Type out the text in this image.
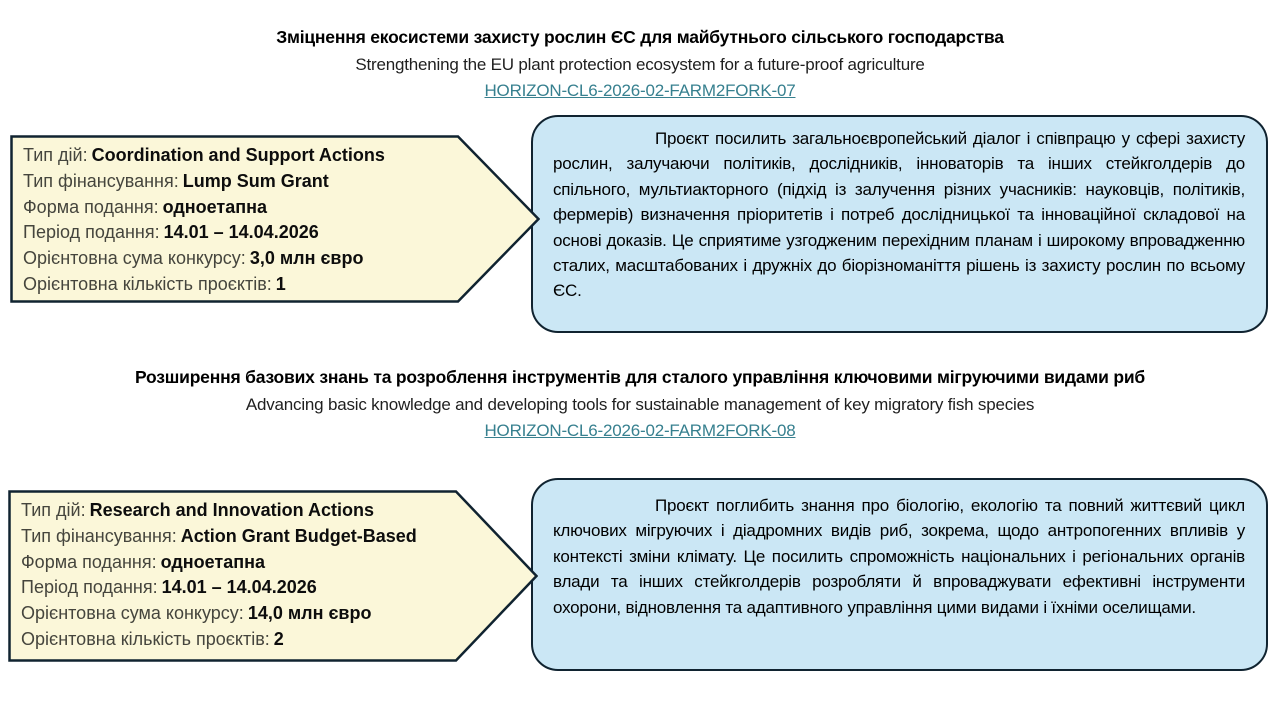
Зміцнення екосистеми захисту рослин ЄС для майбутнього сільського господарства
Strengthening the EU plant protection ecosystem for a future-proof agriculture
HORIZON-CL6-2026-02-FARM2FORK-07
Тип дій: Coordination and Support Actions
Тип фінансування: Lump Sum Grant
Форма подання: одноетапна
Період подання: 14.01 – 14.04.2026
Орієнтовна сума конкурсу: 3,0 млн євро
Орієнтовна кількість проєктів: 1

Проєкт посилить загальноєвропейський діалог і співпрацю у сфері захисту рослин, залучаючи політиків, дослідників, інноваторів та інших стейкголдерів до спільного, мультиакторного (підхід із залучення різних учасників: науковців, політиків, фермерів) визначення пріоритетів і потреб дослідницької та інноваційної складової на основі доказів. Це сприятиме узгодженим перехідним планам і широкому впровадженню сталих, масштабованих і дружніх до біорізноманіття рішень із захисту рослин по всьому ЄС.

Розширення базових знань та розроблення інструментів для сталого управління ключовими мігруючими видами риб
Advancing basic knowledge and developing tools for sustainable management of key migratory fish species
HORIZON-CL6-2026-02-FARM2FORK-08
Тип дій: Research and Innovation Actions
Тип фінансування: Action Grant Budget-Based
Форма подання: одноетапна
Період подання: 14.01 – 14.04.2026
Орієнтовна сума конкурсу: 14,0 млн євро
Орієнтовна кількість проєктів: 2

Проєкт поглибить знання про біологію, екологію та повний життєвий цикл ключових мігруючих і діадромних видів риб, зокрема, щодо антропогенних впливів у контексті зміни клімату. Це посилить спроможність національних і регіональних органів влади та інших стейкголдерів розробляти й впроваджувати ефективні інструменти охорони, відновлення та адаптивного управління цими видами і їхніми оселищами.
